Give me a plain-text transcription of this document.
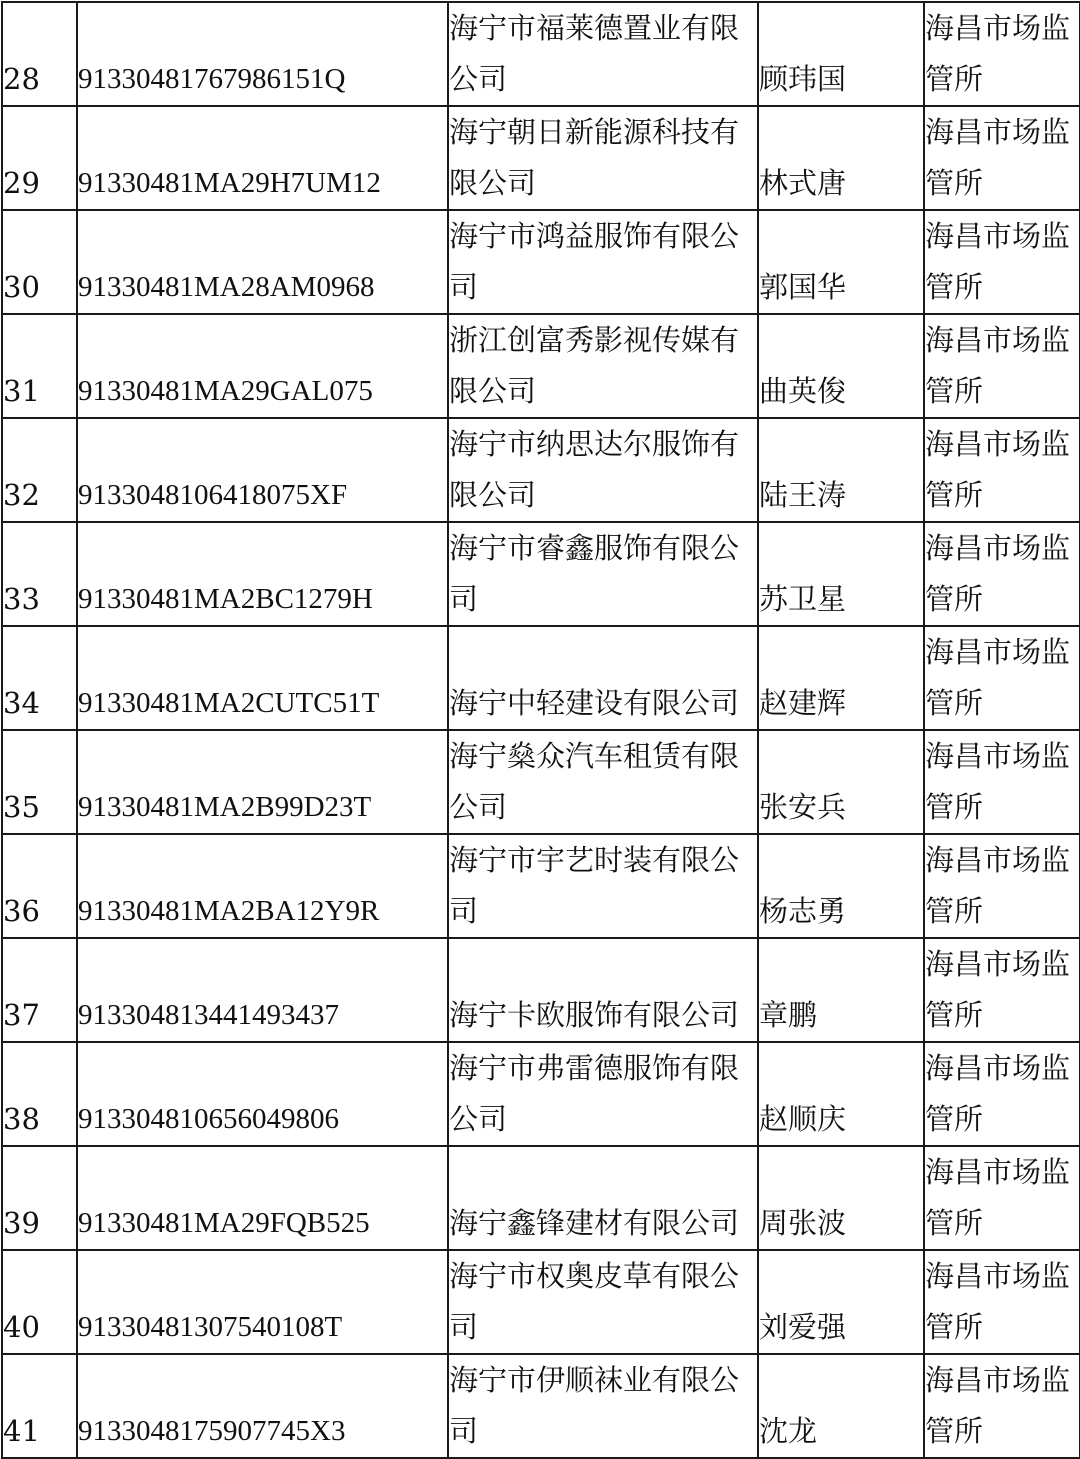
28	91330481767986151Q	海宁市福莱德置业有限公司	顾玮国	海昌市场监管所
29	91330481MA29H7UM12	海宁朝日新能源科技有限公司	林式唐	海昌市场监管所
30	91330481MA28AM0968	海宁市鸿益服饰有限公司	郭国华	海昌市场监管所
31	91330481MA29GAL075	浙江创富秀影视传媒有限公司	曲英俊	海昌市场监管所
32	9133048106418075XF	海宁市纳思达尔服饰有限公司	陆王涛	海昌市场监管所
33	91330481MA2BC1279H	海宁市睿鑫服饰有限公司	苏卫星	海昌市场监管所
34	91330481MA2CUTC51T	海宁中轻建设有限公司	赵建辉	海昌市场监管所
35	91330481MA2B99D23T	海宁燊众汽车租赁有限公司	张安兵	海昌市场监管所
36	91330481MA2BA12Y9R	海宁市宇艺时装有限公司	杨志勇	海昌市场监管所
37	913304813441493437	海宁卡欧服饰有限公司	章鹏	海昌市场监管所
38	913304810656049806	海宁市弗雷德服饰有限公司	赵顺庆	海昌市场监管所
39	91330481MA29FQB525	海宁鑫锋建材有限公司	周张波	海昌市场监管所
40	91330481307540108T	海宁市权奥皮草有限公司	刘爱强	海昌市场监管所
41	9133048175907745X3	海宁市伊顺袜业有限公司	沈龙	海昌市场监管所
